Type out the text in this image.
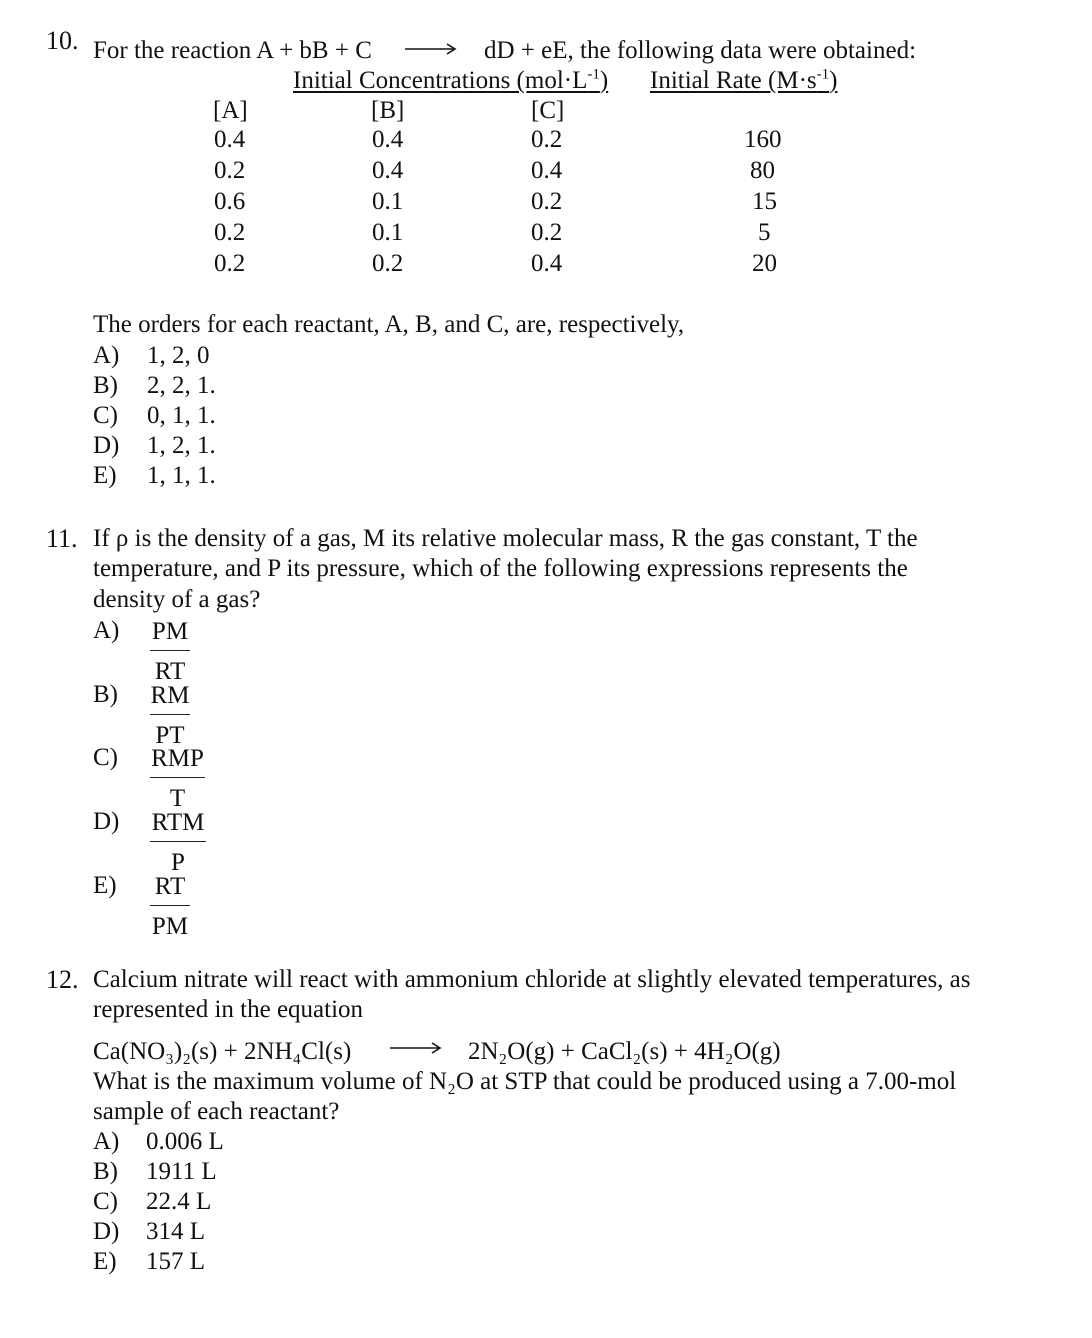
10. For the reaction A + bB + C → dD + eE, the following data were obtained:
Initial Concentrations $(mol\cdot L^{-1})$ Initial Rate $(M\cdot s^{-1})$
[A]	[B]	[C]
0.4	0.4	0.2	160
0.2	0.4	0.4	80
0.6	0.1	0.2	15
0.2	0.1	0.2	5
0.2	0.2	0.4	20
The orders for each reactant, A, B, and C, are, respectively,
A) 1, 2, 0
B) 2, 2, 1.
C) 0, 1, 1.
D) 1, 2, 1.
E) 1, 1, 1.
11. If ρ is the density of a gas, M its relative molecular mass, R the gas constant, T the
temperature, and P its pressure, which of the following expressions represents the
density of a gas?
$A) \frac{PM}{RT}$
$B) \frac{RM}{PT}$
C) RMP
T
D) RTM
P
$E) \frac{RT}{PM}$
12. Calcium nitrate will react with ammonium chloride at slightly elevated temperatures, as
represented in the equation
Ca(NO₃)₂(s) + 2NH₄Cl(s) → 2N₂O(g) + CaCl₂(s) + 4H₂O(g)
What is the maximum volume of N₂O at STP that could be produced using a 7.00-mol
sample of each reactant?
A) 0.006 L
B) 1911 L
C) 22.4 L
D) 314 L
E) 157 L
